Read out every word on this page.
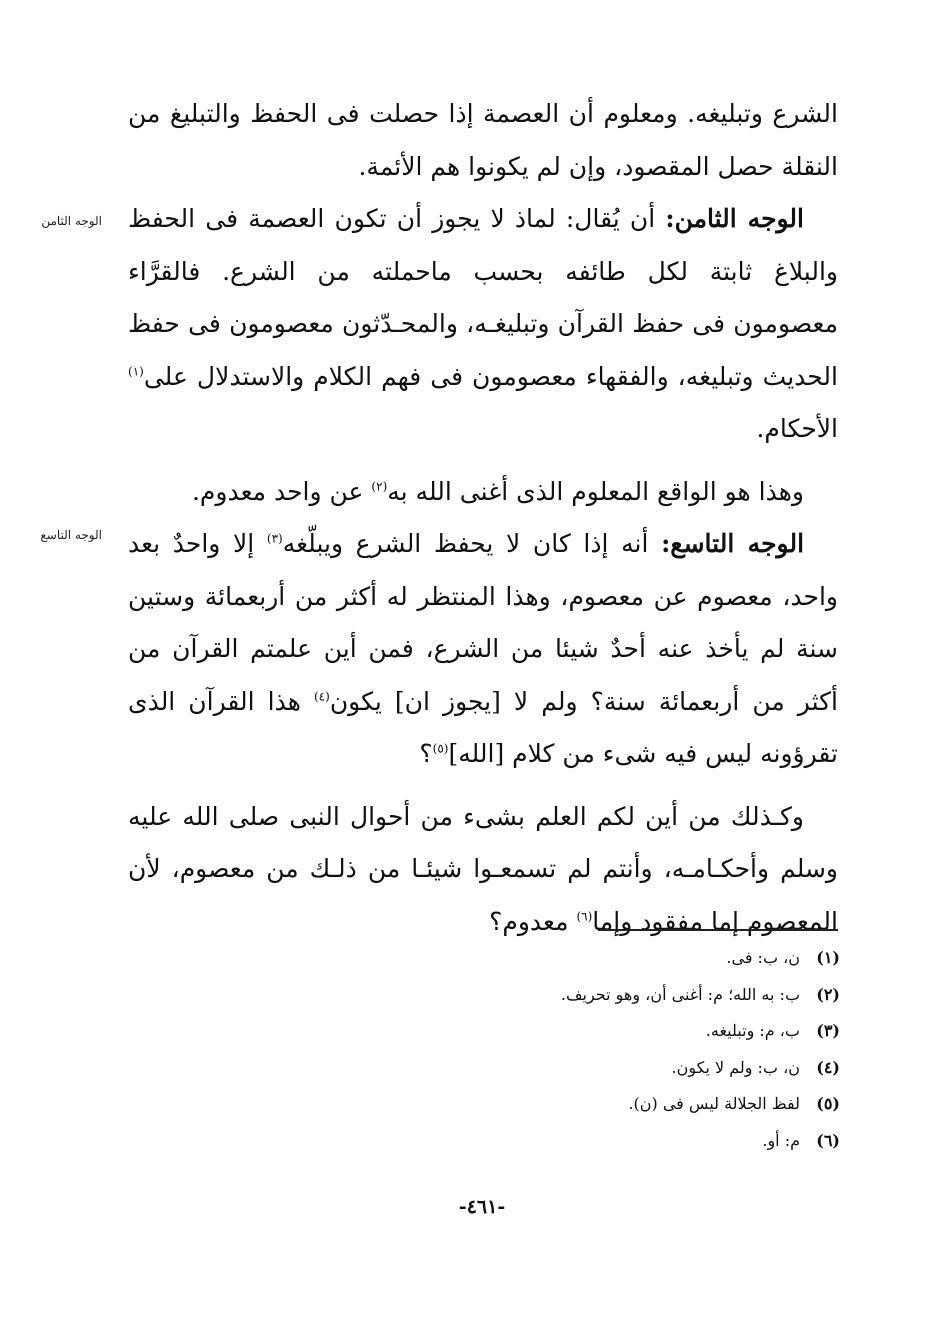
الوجه الثامن
الوجه التاسع

الشرع وتبليغه. ومعلوم أن العصمة إذا حصلت فى الحفظ والتبليغ من النقلة حصل المقصود، وإن لم يكونوا هم الأئمة.

الوجه الثامن: أن يُقال: لماذ لا يجوز أن تكون العصمة فى الحفظ والبلاغ ثابتة لكل طائفه بحسب ماحملته من الشرع. فالقرَّاء معصومون فى حفظ القرآن وتبليغـه، والمحـدّثون معصومون فى حفظ الحديث وتبليغه، والفقهاء معصومون فى فهم الكلام والاستدلال على$^{(١)}$ الأحكام.

وهذا هو الواقع المعلوم الذى أغنى الله به$^{(٢)}$ عن واحد معدوم.

الوجه التاسع: أنه إذا كان لا يحفظ الشرع ويبلّغه$^{(٣)}$ إلا واحدٌ بعد واحد، معصوم عن معصوم، وهذا المنتظر له أكثر من أربعمائة وستين سنة لم يأخذ عنه أحدٌ شيئا من الشرع، فمن أين علمتم القرآن من أكثر من أربعمائة سنة؟ ولم لا [يجوز ان] يكون$^{(٤)}$ هذا القرآن الذى تقرؤونه ليس فيه شىء من كلام [الله]$^{(٥)}$؟

وكـذلك من أين لكم العلم بشىء من أحوال النبى صلى الله عليه وسلم وأحكـامـه، وأنتم لم تسمعـوا شيئـا من ذلـك من معصوم، لأن المعصوم إما مفقود وإما$^{(٦)}$ معدوم؟

(١)
ن، ب: فى.
(٢)
ب: به الله؛ م: أغنى أن، وهو تحريف.
(٣)
ب، م: وتبليغه.
(٤)
ن، ب: ولم لا يكون.
(٥)
لفظ الجلالة ليس فى (ن).
(٦)
م: أو.
-٤٦١-
